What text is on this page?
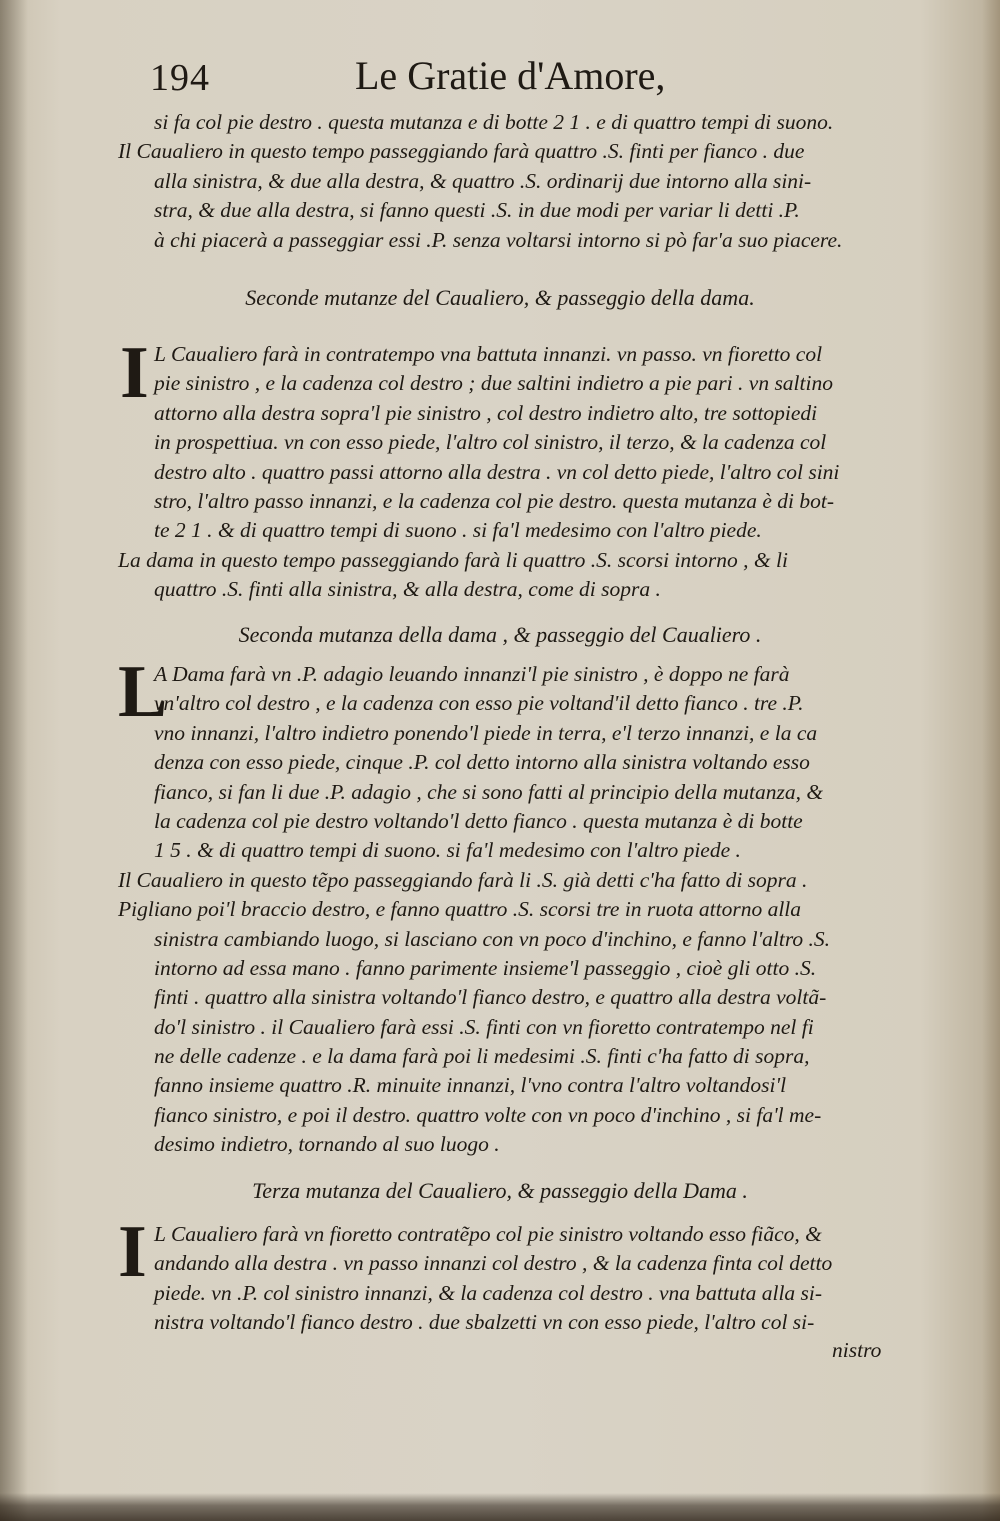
194	Le Gratie d'Amore,
si fa col pie destro . questa mutanza e di botte 2 1 . e di quattro tempi di suono.
Il Caualiero in questo tempo passeggiando farà quattro .S. finti per fianco . due
alla sinistra, & due alla destra, & quattro .S. ordinarij due intorno alla sini-
stra, & due alla destra, si fanno questi .S. in due modi per variar li detti .P.
à chi piacerà a passeggiar essi .P. senza voltarsi intorno si pò far'a suo piacere.
Seconde mutanze del Caualiero, & passeggio della dama.
I L Caualiero farà in contratempo vna battuta innanzi. vn passo. vn fioretto col
pie sinistro , e la cadenza col destro ; due saltini indietro a pie pari . vn saltino
attorno alla destra sopra'l pie sinistro , col destro indietro alto, tre sottopiedi
in prospettiua. vn con esso piede, l'altro col sinistro, il terzo, & la cadenza col
destro alto . quattro passi attorno alla destra . vn col detto piede, l'altro col sini
stro, l'altro passo innanzi, e la cadenza col pie destro. questa mutanza è di bot-
te 2 1 . & di quattro tempi di suono . si fa'l medesimo con l'altro piede.
La dama in questo tempo passeggiando farà li quattro .S. scorsi intorno , & li
quattro .S. finti alla sinistra, & alla destra, come di sopra .
Seconda mutanza della dama , & passeggio del Caualiero .
L
A Dama farà vn .P. adagio leuando innanzi'l pie sinistro , è doppo ne farà
vn'altro col destro , e la cadenza con esso pie voltand'il detto fianco . tre .P.
vno innanzi, l'altro indietro ponendo'l piede in terra, e'l terzo innanzi, e la ca
denza con esso piede, cinque .P. col detto intorno alla sinistra voltando esso
fianco, si fan li due .P. adagio , che si sono fatti al principio della mutanza, &
la cadenza col pie destro voltando'l detto fianco . questa mutanza è di botte
1 5 . & di quattro tempi di suono. si fa'l medesimo con l'altro piede .
Il Caualiero in questo tẽpo passeggiando farà li .S. già detti c'ha fatto di sopra .
Pigliano poi'l braccio destro, e fanno quattro .S. scorsi tre in ruota attorno alla
sinistra cambiando luogo, si lasciano con vn poco d'inchino, e fanno l'altro .S.
intorno ad essa mano . fanno parimente insieme'l passeggio , cioè gli otto .S.
finti . quattro alla sinistra voltando'l fianco destro, e quattro alla destra voltã-
do'l sinistro . il Caualiero farà essi .S. finti con vn fioretto contratempo nel fi
ne delle cadenze . e la dama farà poi li medesimi .S. finti c'ha fatto di sopra,
fanno insieme quattro .R. minuite innanzi, l'vno contra l'altro voltandosi'l
fianco sinistro, e poi il destro. quattro volte con vn poco d'inchino , si fa'l me-
desimo indietro, tornando al suo luogo .
Terza mutanza del Caualiero, & passeggio della Dama .
I L Caualiero farà vn fioretto contratẽpo col pie sinistro voltando esso fiãco, &
andando alla destra . vn passo innanzi col destro , & la cadenza finta col detto
piede. vn .P. col sinistro innanzi, & la cadenza col destro . vna battuta alla si-
nistra voltando'l fianco destro . due sbalzetti vn con esso piede, l'altro col si-
nistro
